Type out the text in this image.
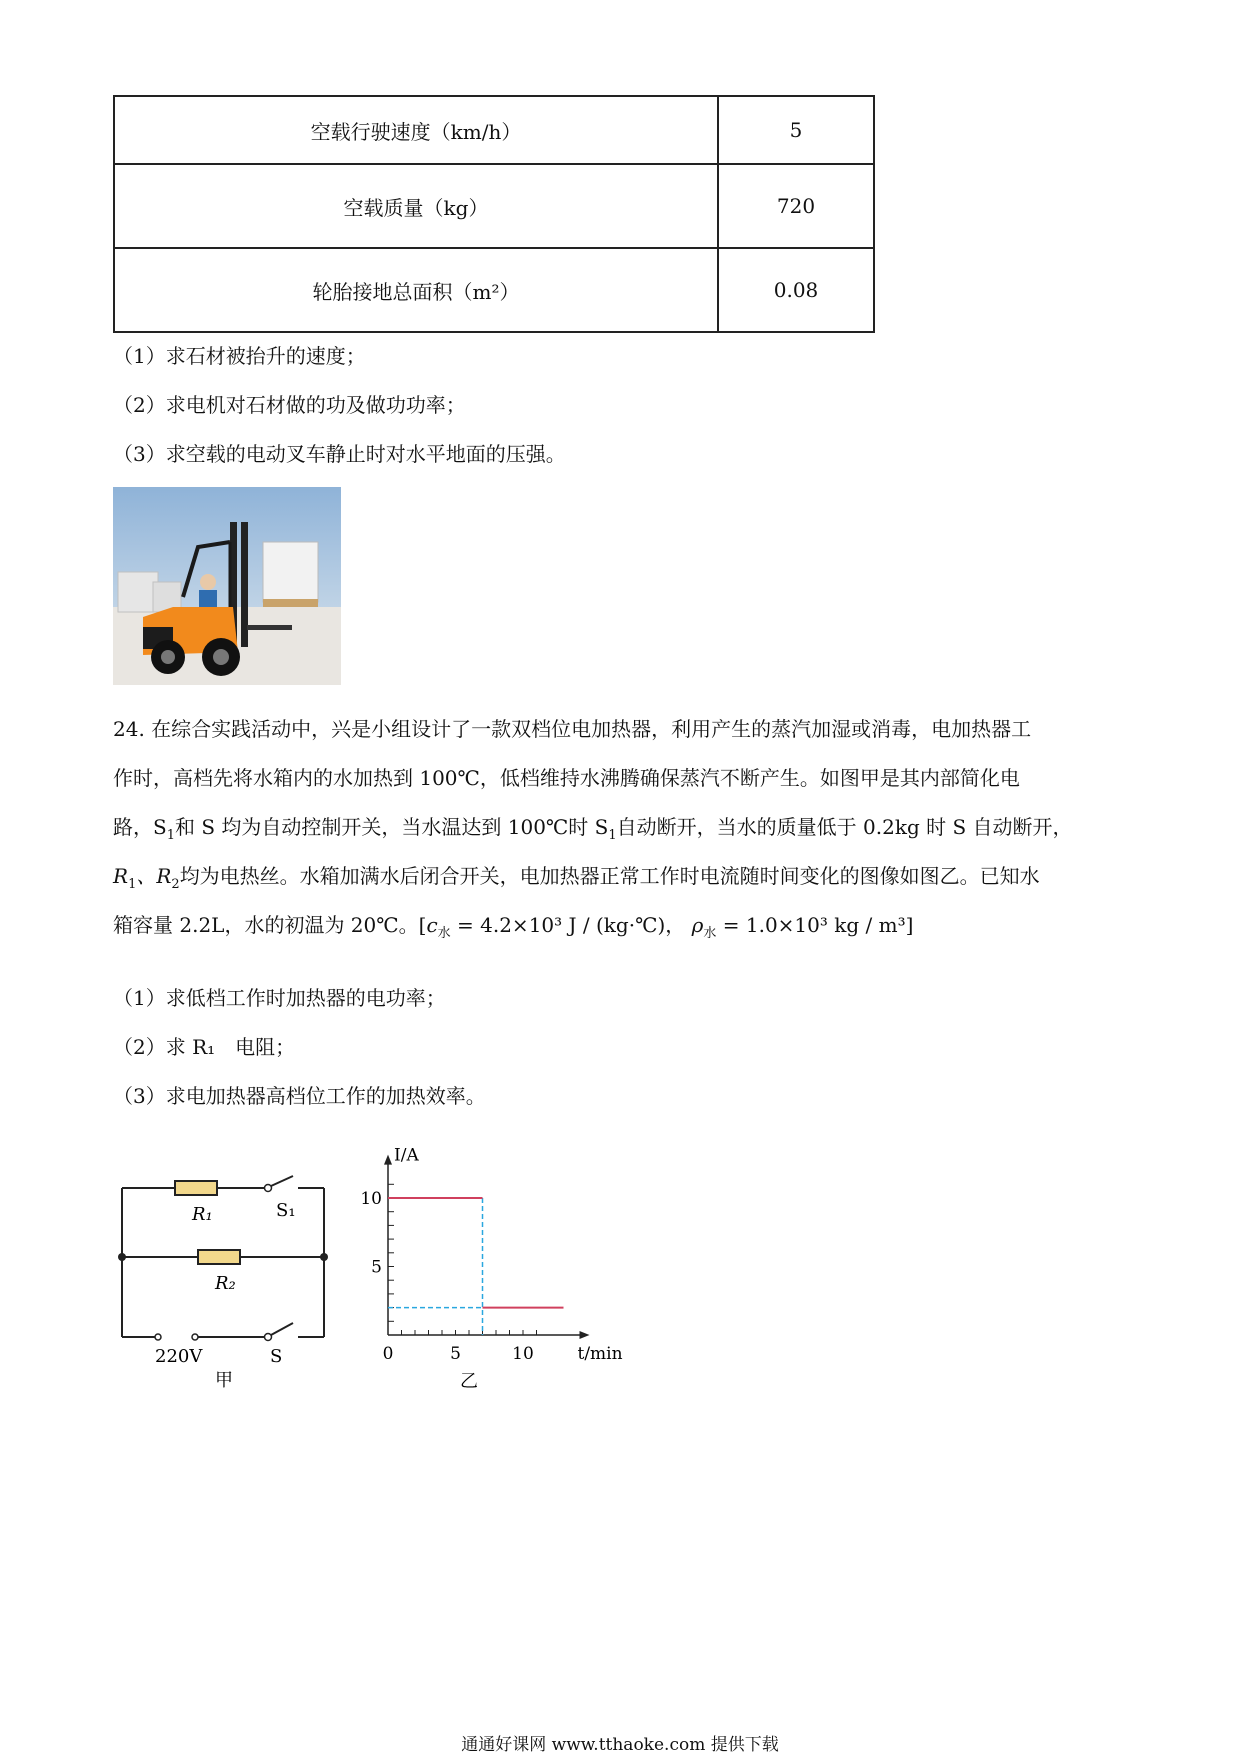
空载行驶速度（km/h）	5
空载质量（kg）	720
轮胎接地总面积（m²）	0.08
（1）求石材被抬升的速度；
（2）求电机对石材做的功及做功功率；
（3）求空载的电动叉车静止时对水平地面的压强。
24. 在综合实践活动中，兴是小组设计了一款双档位电加热器，利用产生的蒸汽加湿或消毒，电加热器工
作时，高档先将水箱内的水加热到 100℃，低档维持水沸腾确保蒸汽不断产生。如图甲是其内部简化电
路，$S_1$和 S 均为自动控制开关，当水温达到 100℃时 $S_1$自动断开，当水的质量低于 0.2kg 时 S 自动断开，
$R_1$、$R_2$均为电热丝。水箱加满水后闭合开关，电加热器正常工作时电流随时间变化的图像如图乙。已知水
箱容量 2.2L，水的初温为 20℃。[$c_水 = 4.2\times 10^3$ J / (kg·℃)， $\rho_水 = 1.0\times 10^3$ kg / m³]
（1）求低档工作时加热器的电功率；
（2）求 R₁　电阻；
（3）求电加热器高档位工作的加热效率。
R₁	S₁
R₂
220V	S
甲
0	5	10
5
10
I/A
t/min
乙
通通好课网 www.tthaoke.com 提供下载
